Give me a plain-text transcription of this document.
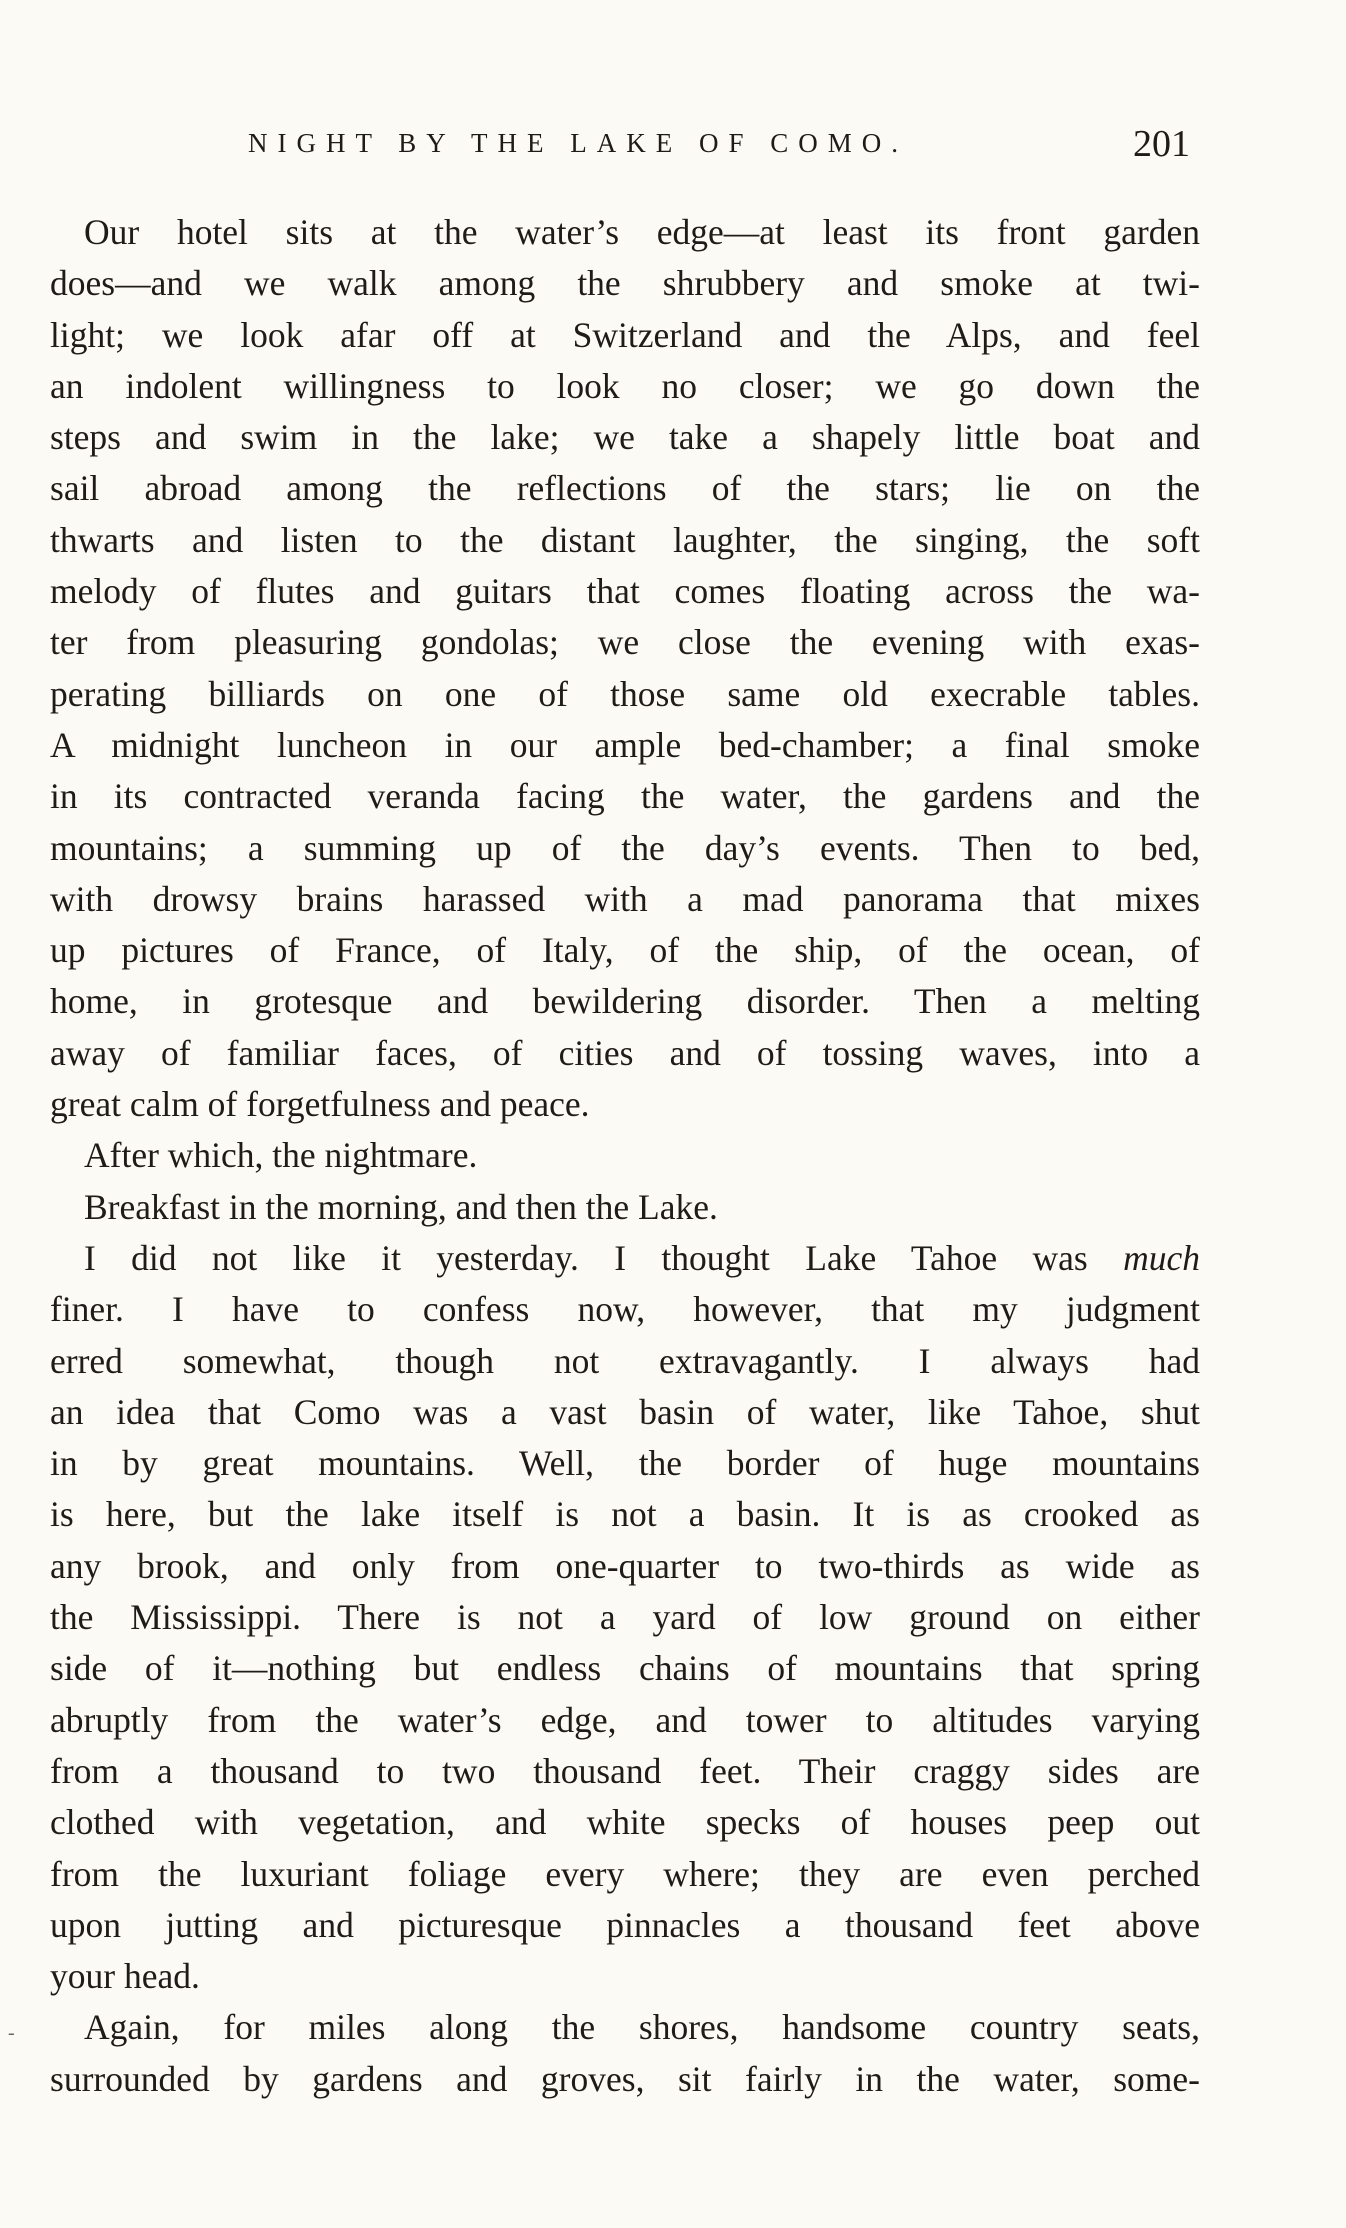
NIGHT BY THE LAKE OF COMO.	201
Our hotel sits at the water’s edge—at least its front garden
does—and we walk among the shrubbery and smoke at twi-
light; we look afar off at Switzerland and the Alps, and feel
an indolent willingness to look no closer; we go down the
steps and swim in the lake; we take a shapely little boat and
sail abroad among the reflections of the stars; lie on the
thwarts and listen to the distant laughter, the singing, the soft
melody of flutes and guitars that comes floating across the wa-
ter from pleasuring gondolas; we close the evening with exas-
perating billiards on one of those same old execrable tables.
A midnight luncheon in our ample bed-chamber; a final smoke
in its contracted veranda facing the water, the gardens and the
mountains; a summing up of the day’s events. Then to bed,
with drowsy brains harassed with a mad panorama that mixes
up pictures of France, of Italy, of the ship, of the ocean, of
home, in grotesque and bewildering disorder. Then a melting
away of familiar faces, of cities and of tossing waves, into a
great calm of forgetfulness and peace.
After which, the nightmare.
Breakfast in the morning, and then the Lake.
I did not like it yesterday. I thought Lake Tahoe was much
finer. I have to confess now, however, that my judgment
erred somewhat, though not extravagantly. I always had
an idea that Como was a vast basin of water, like Tahoe, shut
in by great mountains. Well, the border of huge mountains
is here, but the lake itself is not a basin. It is as crooked as
any brook, and only from one-quarter to two-thirds as wide as
the Mississippi. There is not a yard of low ground on either
side of it—nothing but endless chains of mountains that spring
abruptly from the water’s edge, and tower to altitudes varying
from a thousand to two thousand feet. Their craggy sides are
clothed with vegetation, and white specks of houses peep out
from the luxuriant foliage every where; they are even perched
upon jutting and picturesque pinnacles a thousand feet above
your head.
Again, for miles along the shores, handsome country seats,
surrounded by gardens and groves, sit fairly in the water, some-
-
